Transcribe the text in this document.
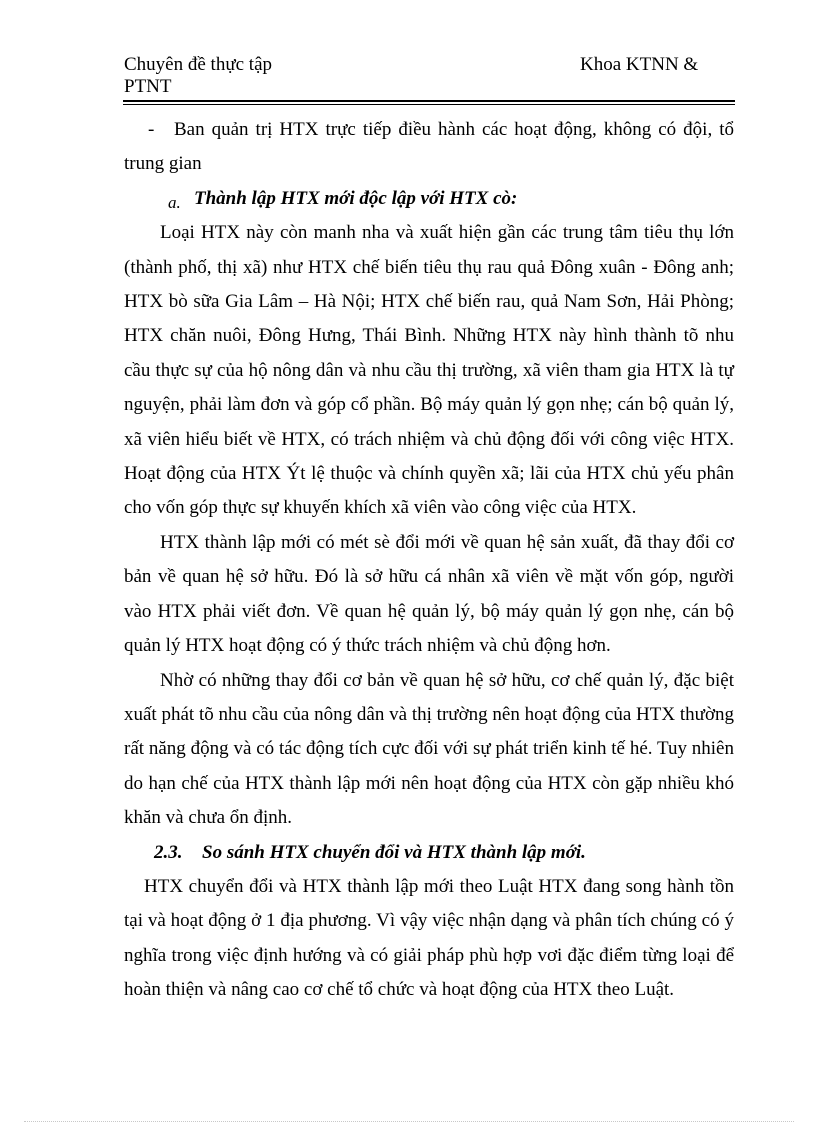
Chuyên đề thực tập	Khoa KTNN &
PTNT

- Ban quản trị HTX trực tiếp điều hành các hoạt động, không có đội, tổ trung gian

a. Thành lập HTX mới độc lập với HTX cò:

Loại HTX này còn manh nha và xuất hiện gần các trung tâm tiêu thụ lớn (thành phố, thị xã) như HTX chế biến tiêu thụ rau quả Đông xuân - Đông anh; HTX bò sữa Gia Lâm – Hà Nội; HTX chế biến rau, quả Nam Sơn, Hải Phòng; HTX chăn nuôi, Đông Hưng, Thái Bình. Những HTX này hình thành tõ nhu cầu thực sự của hộ nông dân và nhu cầu thị trường, xã viên tham gia HTX là tự nguyện, phải làm đơn và góp cổ phần. Bộ máy quản lý gọn nhẹ; cán bộ quản lý, xã viên hiểu biết về HTX, có trách nhiệm và chủ động đối với công việc HTX. Hoạt động của HTX Ýt lệ thuộc và chính quyền xã; lãi của HTX chủ yếu phân cho vốn góp thực sự khuyến khích xã viên vào công việc của HTX.

HTX thành lập mới có mét sè đổi mới về quan hệ sản xuất, đã thay đổi cơ bản về quan hệ sở hữu. Đó là sở hữu cá nhân xã viên về mặt vốn góp, người vào HTX phải viết đơn. Về quan hệ quản lý, bộ máy quản lý gọn nhẹ, cán bộ quản lý HTX hoạt động có ý thức trách nhiệm và chủ động hơn.

Nhờ có những thay đổi cơ bản về quan hệ sở hữu, cơ chế quản lý, đặc biệt xuất phát tõ nhu cầu của nông dân và thị trường nên hoạt động của HTX thường rất năng động và có tác động tích cực đối với sự phát triển kinh tế hé. Tuy nhiên do hạn chế của HTX thành lập mới nên hoạt động của HTX còn gặp nhiều khó khăn và chưa ổn định.

2.3. So sánh HTX chuyển đổi và HTX thành lập mới.

HTX chuyển đổi và HTX thành lập mới theo Luật HTX đang song hành tồn tại và hoạt động ở 1 địa phương. Vì vậy việc nhận dạng và phân tích chúng có ý nghĩa trong việc định hướng và có giải pháp phù hợp vơi đặc điểm từng loại để hoàn thiện và nâng cao cơ chế tổ chức và hoạt động của HTX theo Luật.
